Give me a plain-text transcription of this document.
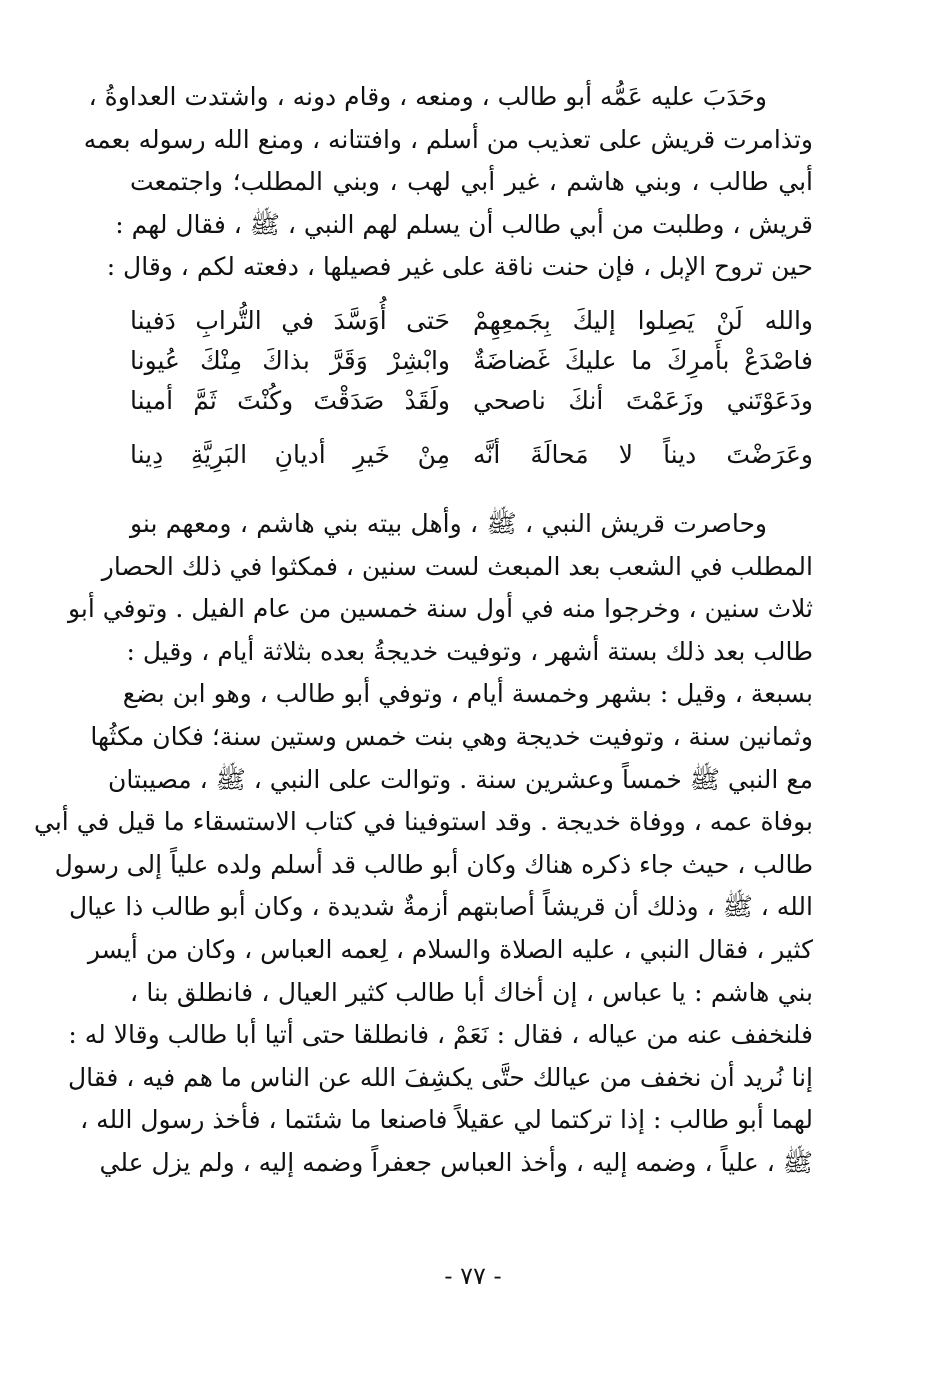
وحَدَبَ عليه عَمُّه أبو طالب ، ومنعه ، وقام دونه ، واشتدت العداوةُ ،
وتذامرت قريش على تعذيب من أسلم ، وافتتانه ، ومنع الله رسوله بعمه
أبي طالب ، وبني هاشم ، غير أبي لهب ، وبني المطلب؛ واجتمعت
قريش ، وطلبت من أبي طالب أن يسلم لهم النبي ، ﷺ ، فقال لهم :
حين تروح الإبل ، فإن حنت ناقة على غير فصيلها ، دفعته لكم ، وقال :
والله لَنْ يَصِلوا إليكَ بِجَمعِهِمْ
حَتى أُوَسَّدَ في التُّرابِ دَفينا
فاصْدَعْ بأَمرِكَ ما عليكَ غَضاضَةٌ
وابْشِرْ وَقَرَّ بذاكَ مِنْكَ عُيونا
ودَعَوْتَني وزَعَمْتَ أنكَ ناصحي
ولَقَدْ صَدَقْتَ وكُنْتَ ثَمَّ أمينا
وعَرَضْتَ ديناً لا مَحالَةَ أنَّه
مِنْ خَيرِ أديانِ البَرِيَّةِ دِينا
وحاصرت قريش النبي ، ﷺ ، وأهل بيته بني هاشم ، ومعهم بنو
المطلب في الشعب بعد المبعث لست سنين ، فمكثوا في ذلك الحصار
ثلاث سنين ، وخرجوا منه في أول سنة خمسين من عام الفيل . وتوفي أبو
طالب بعد ذلك بستة أشهر ، وتوفيت خديجةُ بعده بثلاثة أيام ، وقيل :
بسبعة ، وقيل : بشهر وخمسة أيام ، وتوفي أبو طالب ، وهو ابن بضع
وثمانين سنة ، وتوفيت خديجة وهي بنت خمس وستين سنة؛ فكان مكثُها
مع النبي ﷺ خمساً وعشرين سنة . وتوالت على النبي ، ﷺ ، مصيبتان
بوفاة عمه ، ووفاة خديجة . وقد استوفينا في كتاب الاستسقاء ما قيل في أبي
طالب ، حيث جاء ذكره هناك وكان أبو طالب قد أسلم ولده علياً إلى رسول
الله ، ﷺ ، وذلك أن قريشاً أصابتهم أزمةٌ شديدة ، وكان أبو طالب ذا عيال
كثير ، فقال النبي ، عليه الصلاة والسلام ، لِعمه العباس ، وكان من أيسر
بني هاشم : يا عباس ، إن أخاك أبا طالب كثير العيال ، فانطلق بنا ،
فلنخفف عنه من عياله ، فقال : نَعَمْ ، فانطلقا حتى أتيا أبا طالب وقالا له :
إنا نُريد أن نخفف من عيالك حتَّى يكشِفَ الله عن الناس ما هم فيه ، فقال
لهما أبو طالب : إذا تركتما لي عقيلاً فاصنعا ما شئتما ، فأخذ رسول الله ،
ﷺ ، علياً ، وضمه إليه ، وأخذ العباس جعفراً وضمه إليه ، ولم يزل علي
- ٧٧ -
